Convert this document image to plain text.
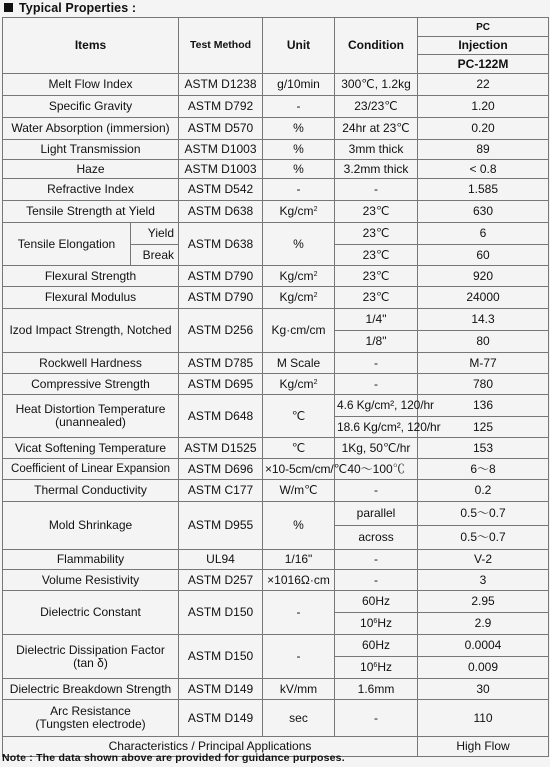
Typical Properties :
Items		Test Method	Unit	Condition	PC
					Injection
					PC-122M
Melt Flow Index		ASTM D1238	g/10min	300℃, 1.2kg	22
Specific Gravity		ASTM D792	-	23/23℃	1.20
Water Absorption (immersion)		ASTM D570	%	24hr at 23℃	0.20
Light Transmission		ASTM D1003	%	3mm thick	89
Haze		ASTM D1003	%	3.2mm thick	< 0.8
Refractive Index		ASTM D542	-	-	1.585
Tensile Strength at Yield		ASTM D638	$Kg/cm^2$	23℃	630
Tensile Elongation	Yield	ASTM D638	%	23℃	6
	Break			23℃	60
Flexural Strength		ASTM D790	$Kg/cm^2$	23℃	920
Flexural Modulus		ASTM D790	$Kg/cm^2$	23℃	24000
Izod Impact Strength, Notched		ASTM D256	Kg·cm/cm	1/4"	14.3
				1/8"	80
Rockwell Hardness		ASTM D785	M Scale	-	M-77
Compressive Strength		ASTM D695	$Kg/cm^2$	-	780

Heat Distortion Temperature
(unannealed)		ASTM D648	℃	4.6 Kg/cm², 120/hr	136
				18.6 Kg/cm², 120/hr	125
Vicat Softening Temperature		ASTM D1525	℃	1Kg, 50℃/hr	153
Coefficient of Linear Expansion		ASTM D696	×10-5cm/cm/℃	40～100℃	6～8
Thermal Conductivity		ASTM C177	W/m℃	-	0.2
Mold Shrinkage		ASTM D955	%	parallel	0.5～0.7
				across	0.5～0.7
Flammability		UL94	1/16"	-	V-2
Volume Resistivity		ASTM D257	×1016Ω·cm	-	3
Dielectric Constant		ASTM D150	-	60Hz	2.95
				$10^6Hz$	2.9

Dielectric Dissipation Factor
(tan δ)		ASTM D150	-	60Hz	0.0004
				$10^6Hz$	0.009
Dielectric Breakdown Strength		ASTM D149	kV/mm	1.6mm	30

Arc Resistance
(Tungsten electrode)		ASTM D149	sec	-	110
Characteristics / Principal Applications					High Flow
Note : The data shown above are provided for guidance purposes.
